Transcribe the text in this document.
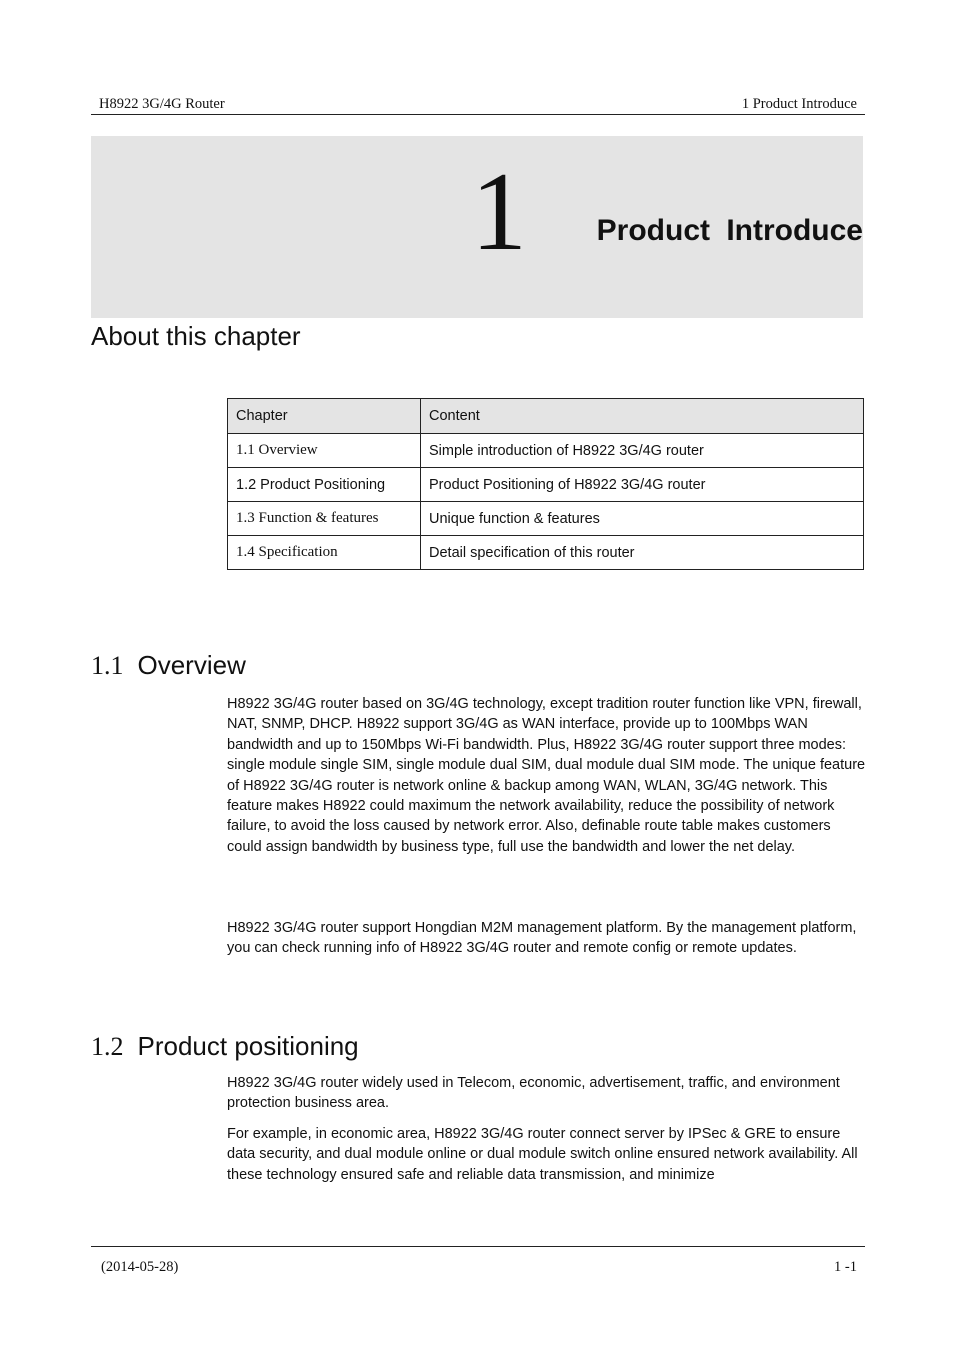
H8922 3G/4G Router	1 Product Introduce
1 Product Introduce
About this chapter
Chapter	Content
1.1 Overview	Simple introduction of H8922 3G/4G router
1.2 Product Positioning	Product Positioning of H8922 3G/4G router
1.3 Function & features	Unique function & features
1.4 Specification	Detail specification of this router
1.1 Overview

H8922 3G/4G router based on 3G/4G technology, except tradition router function like VPN, firewall, NAT, SNMP, DHCP. H8922 support 3G/4G as WAN interface, provide up to 100Mbps WAN bandwidth and up to 150Mbps Wi-Fi bandwidth. Plus, H8922 3G/4G router support three modes: single module single SIM, single module dual SIM, dual module dual SIM mode. The unique feature of H8922 3G/4G router is network online & backup among WAN, WLAN, 3G/4G network. This feature makes H8922 could maximum the network availability, reduce the possibility of network failure, to avoid the loss caused by network error. Also, definable route table makes customers could assign bandwidth by business type, full use the bandwidth and lower the net delay.

H8922 3G/4G router support Hongdian M2M management platform. By the management platform, you can check running info of H8922 3G/4G router and remote config or remote updates.

1.2 Product positioning

H8922 3G/4G router widely used in Telecom, economic, advertisement, traffic, and environment protection business area.

For example, in economic area, H8922 3G/4G router connect server by IPSec & GRE to ensure data security, and dual module online or dual module switch online ensured network availability. All these technology ensured safe and reliable data transmission, and minimize

(2014-05-28)	1 -1
